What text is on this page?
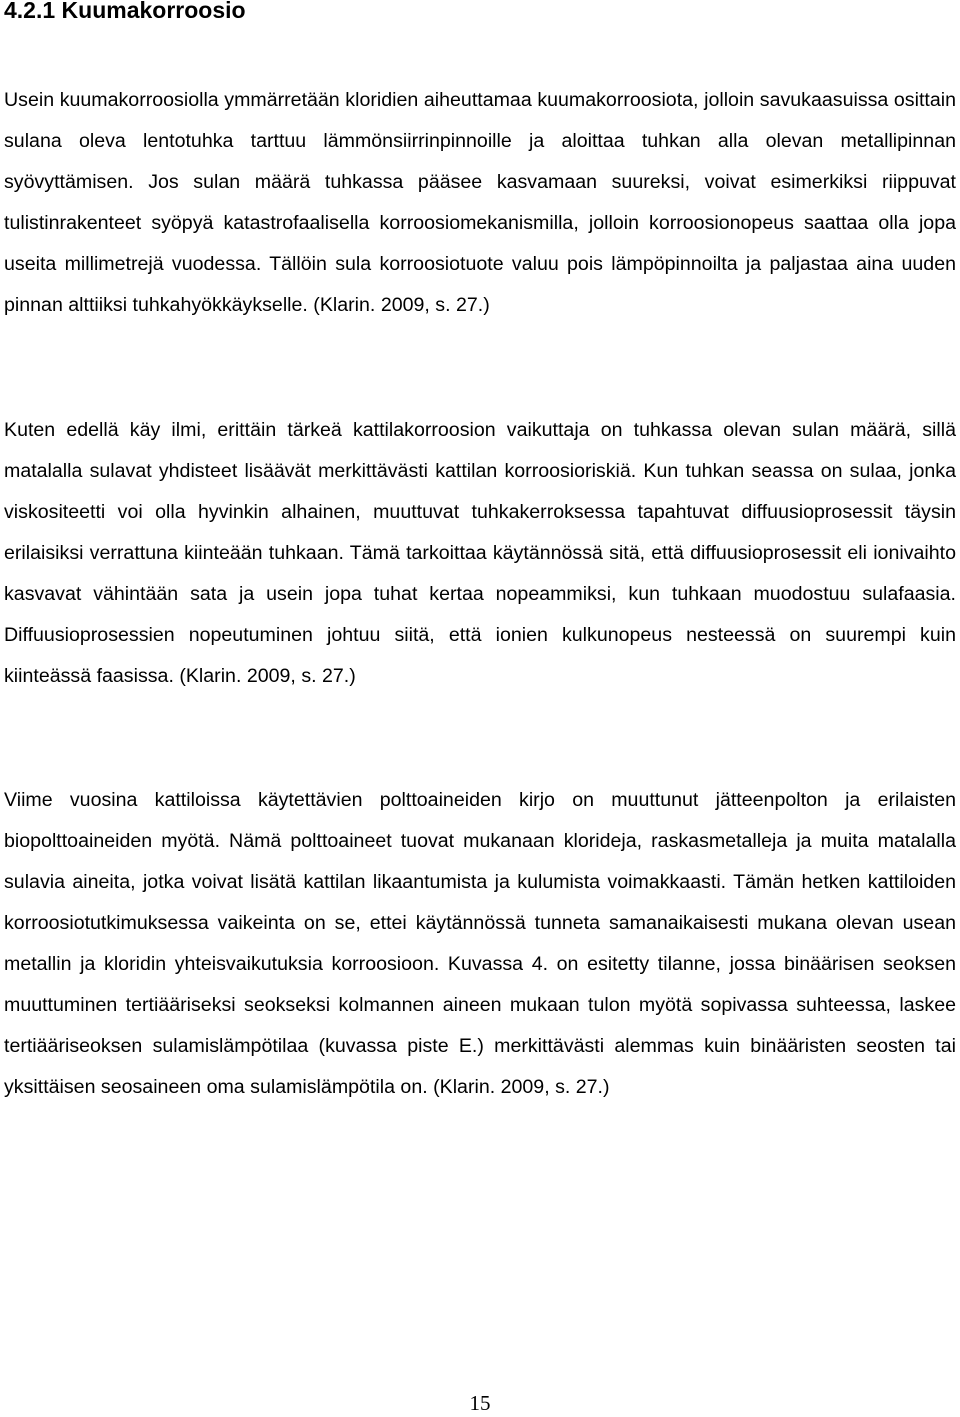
4.2.1 Kuumakorroosio

Usein kuumakorroosiolla ymmärretään kloridien aiheuttamaa kuumakorroosiota, jolloin savukaasuissa osittain sulana oleva lentotuhka tarttuu lämmönsiirrinpinnoille ja aloittaa tuhkan alla olevan metallipinnan syövyttämisen. Jos sulan määrä tuhkassa pääsee kasvamaan suureksi, voivat esimerkiksi riippuvat tulistinrakenteet syöpyä katastrofaalisella korroosiomekanismilla, jolloin korroosionopeus saattaa olla jopa useita millimetrejä vuodessa. Tällöin sula korroosiotuote valuu pois lämpöpinnoilta ja paljastaa aina uuden pinnan alttiiksi tuhkahyökkäykselle. (Klarin. 2009, s. 27.)

Kuten edellä käy ilmi, erittäin tärkeä kattilakorroosion vaikuttaja on tuhkassa olevan sulan määrä, sillä matalalla sulavat yhdisteet lisäävät merkittävästi kattilan korroosioriskiä. Kun tuhkan seassa on sulaa, jonka viskositeetti voi olla hyvinkin alhainen, muuttuvat tuhkakerroksessa tapahtuvat diffuusioprosessit täysin erilaisiksi verrattuna kiinteään tuhkaan. Tämä tarkoittaa käytännössä sitä, että diffuusioprosessit eli ionivaihto kasvavat vähintään sata ja usein jopa tuhat kertaa nopeammiksi, kun tuhkaan muodostuu sulafaasia. Diffuusioprosessien nopeutuminen johtuu siitä, että ionien kulkunopeus nesteessä on suurempi kuin kiinteässä faasissa. (Klarin. 2009, s. 27.)

Viime vuosina kattiloissa käytettävien polttoaineiden kirjo on muuttunut jätteenpolton ja erilaisten biopolttoaineiden myötä. Nämä polttoaineet tuovat mukanaan klorideja, raskasmetalleja ja muita matalalla sulavia aineita, jotka voivat lisätä kattilan likaantumista ja kulumista voimakkaasti. Tämän hetken kattiloiden korroosiotutkimuksessa vaikeinta on se, ettei käytännössä tunneta samanaikaisesti mukana olevan usean metallin ja kloridin yhteisvaikutuksia korroosioon. Kuvassa 4. on esitetty tilanne, jossa binäärisen seoksen muuttuminen tertiääriseksi seokseksi kolmannen aineen mukaan tulon myötä sopivassa suhteessa, laskee tertiääriseoksen sulamislämpötilaa (kuvassa piste E.) merkittävästi alemmas kuin binääristen seosten tai yksittäisen seosaineen oma sulamislämpötila on. (Klarin. 2009, s. 27.)

15
